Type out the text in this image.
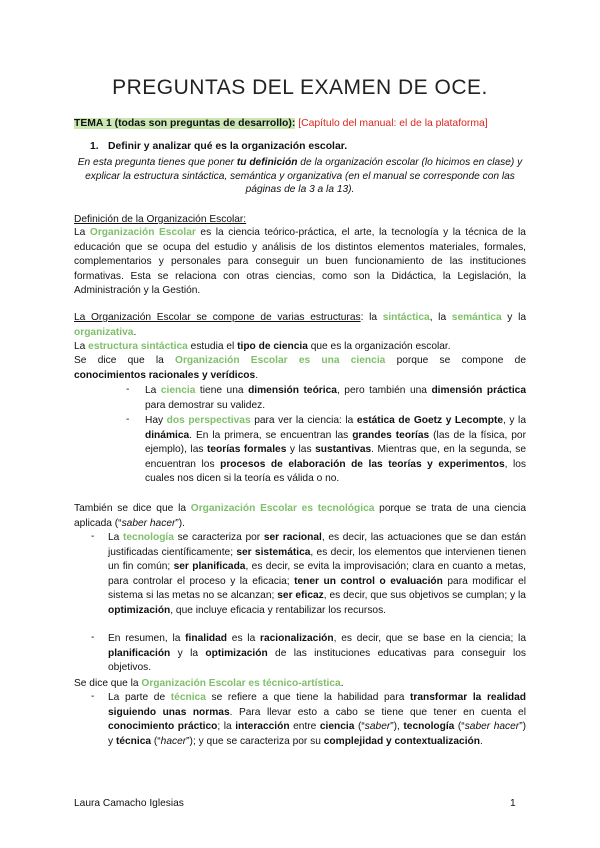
PREGUNTAS DEL EXAMEN DE OCE.
TEMA 1 (todas son preguntas de desarrollo): [Capítulo del manual: el de la plataforma]
1. Definir y analizar qué es la organización escolar.
En esta pregunta tienes que poner tu definición de la organización escolar (lo hicimos en clase) y explicar la estructura sintáctica, semántica y organizativa (en el manual se corresponde con las páginas de la 3 a la 13).
Definición de la Organización Escolar:
La Organización Escolar es la ciencia teórico-práctica, el arte, la tecnología y la técnica de la educación que se ocupa del estudio y análisis de los distintos elementos materiales, formales, complementarios y personales para conseguir un buen funcionamiento de las instituciones formativas. Esta se relaciona con otras ciencias, como son la Didáctica, la Legislación, la Administración y la Gestión.
La Organización Escolar se compone de varias estructuras: la sintáctica, la semántica y la organizativa.
La estructura sintáctica estudia el tipo de ciencia que es la organización escolar.
Se dice que la Organización Escolar es una ciencia porque se compone de
conocimientos racionales y verídicos.
- La ciencia tiene una dimensión teórica, pero también una dimensión práctica para demostrar su validez.
- Hay dos perspectivas para ver la ciencia: la estática de Goetz y Lecompte, y la dinámica. En la primera, se encuentran las grandes teorías (las de la física, por ejemplo), las teorías formales y las sustantivas. Mientras que, en la segunda, se encuentran los procesos de elaboración de las teorías y experimentos, los cuales nos dicen si la teoría es válida o no.
También se dice que la Organización Escolar es tecnológica porque se trata de una ciencia aplicada (“saber hacer”).
- La tecnología se caracteriza por ser racional, es decir, las actuaciones que se dan están justificadas científicamente; ser sistemática, es decir, los elementos que intervienen tienen un fin común; ser planificada, es decir, se evita la improvisación; clara en cuanto a metas, para controlar el proceso y la eficacia; tener un control o evaluación para modificar el sistema si las metas no se alcanzan; ser eficaz, es decir, que sus objetivos se cumplan; y la optimización, que incluye eficacia y rentabilizar los recursos.
- En resumen, la finalidad es la racionalización, es decir, que se base en la ciencia; la planificación y la optimización de las instituciones educativas para conseguir los objetivos.
Se dice que la Organización Escolar es técnico-artística.
- La parte de técnica se refiere a que tiene la habilidad para transformar la realidad siguiendo unas normas. Para llevar esto a cabo se tiene que tener en cuenta el conocimiento práctico; la interacción entre ciencia (“saber”), tecnología (“saber hacer”) y técnica (“hacer”); y que se caracteriza por su complejidad y contextualización.
Laura Camacho Iglesias	1
